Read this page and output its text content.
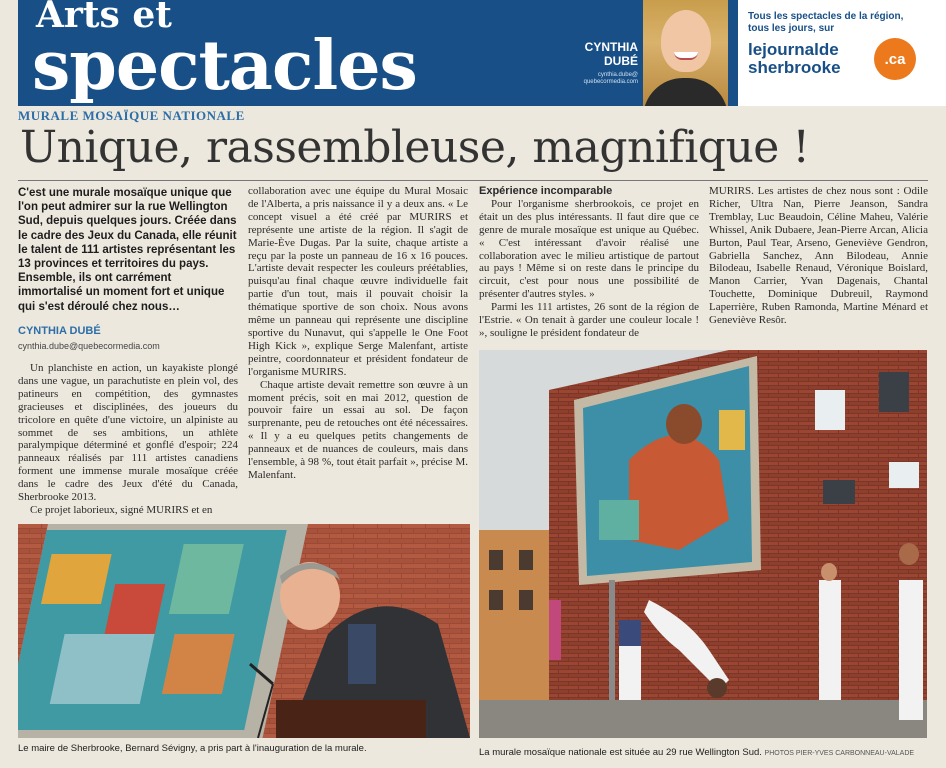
Arts et
spectacles	CYNTHIA
DUBÉ
cynthia.dube@
quebecormedia.com
Tous les spectacles de la région, tous les jours, sur
lejournalde
sherbrooke	.ca
MURALE MOSAÏQUE NATIONALE
Unique, rassembleuse, magnifique !
C'est une murale mosaïque unique que l'on peut admirer sur la rue Wellington Sud, depuis quelques jours. Créée dans le cadre des Jeux du Canada, elle réunit le talent de 111 artistes représentant les 13 provinces et territoires du pays. Ensemble, ils ont carrément immortalisé un moment fort et unique qui s'est déroulé chez nous…
CYNTHIA DUBÉ
cynthia.dube@quebecormedia.com

Un planchiste en action, un kayakiste plongé dans une vague, un parachutiste en plein vol, des patineurs en compétition, des gymnastes gracieuses et disciplinées, des joueurs du tricolore en quête d'une victoire, un alpiniste au sommet de ses ambitions, un athlète paralympique déterminé et gonflé d'espoir; 224 panneaux réalisés par 111 artistes canadiens forment une immense murale mosaïque créée dans le cadre des Jeux d'été du Canada, Sherbrooke 2013.

Ce projet laborieux, signé MURIRS et en

collaboration avec une équipe du Mural Mosaic de l'Alberta, a pris naissance il y a deux ans. « Le concept visuel a été créé par MURIRS et représente une artiste de la région. Il s'agit de Marie-Ève Dugas. Par la suite, chaque artiste a reçu par la poste un panneau de 16 x 16 pouces. L'artiste devait respecter les couleurs préétablies, puisqu'au final chaque œuvre individuelle fait partie d'un tout, mais il pouvait choisir la thématique sportive de son choix. Nous avons même un panneau qui représente une discipline sportive du Nunavut, qui s'appelle le One Foot High Kick », explique Serge Malenfant, artiste peintre, coordonnateur et président fondateur de l'organisme MURIRS.

Chaque artiste devait remettre son œuvre à un moment précis, soit en mai 2012, question de pouvoir faire un essai au sol. De façon surprenante, peu de retouches ont été nécessaires. « Il y a eu quelques petits changements de panneaux et de nuances de couleurs, mais dans l'ensemble, à 98 %, tout était parfait », précise M. Malenfant.

Expérience incomparable

Pour l'organisme sherbrookois, ce projet en était un des plus intéressants. Il faut dire que ce genre de murale mosaïque est unique au Québec. « C'est intéressant d'avoir réalisé une collaboration avec le milieu artistique de partout au pays ! Même si on reste dans le principe du circuit, c'est pour nous une possibilité de présenter d'autres styles. »

Parmi les 111 artistes, 26 sont de la région de l'Estrie. « On tenait à garder une couleur locale ! », souligne le président fondateur de

MURIRS. Les artistes de chez nous sont : Odile Richer, Ultra Nan, Pierre Jeanson, Sandra Tremblay, Luc Beaudoin, Céline Maheu, Valérie Whissel, Anik Dubaere, Jean-Pierre Arcan, Alicia Burton, Paul Tear, Arseno, Geneviève Gendron, Gabriella Sanchez, Ann Bilodeau, Annie Bilodeau, Isabelle Renaud, Véronique Boislard, Manon Carrier, Yvan Dagenais, Chantal Touchette, Dominique Dubreuil, Raymond Laperrière, Ruben Ramonda, Martine Ménard et Geneviève Resôr.

Le maire de Sherbrooke, Bernard Sévigny, a pris part à l'inauguration de la murale.	La murale mosaïque nationale est située au 29 rue Wellington Sud. PHOTOS PIER-YVES CARBONNEAU-VALADE
